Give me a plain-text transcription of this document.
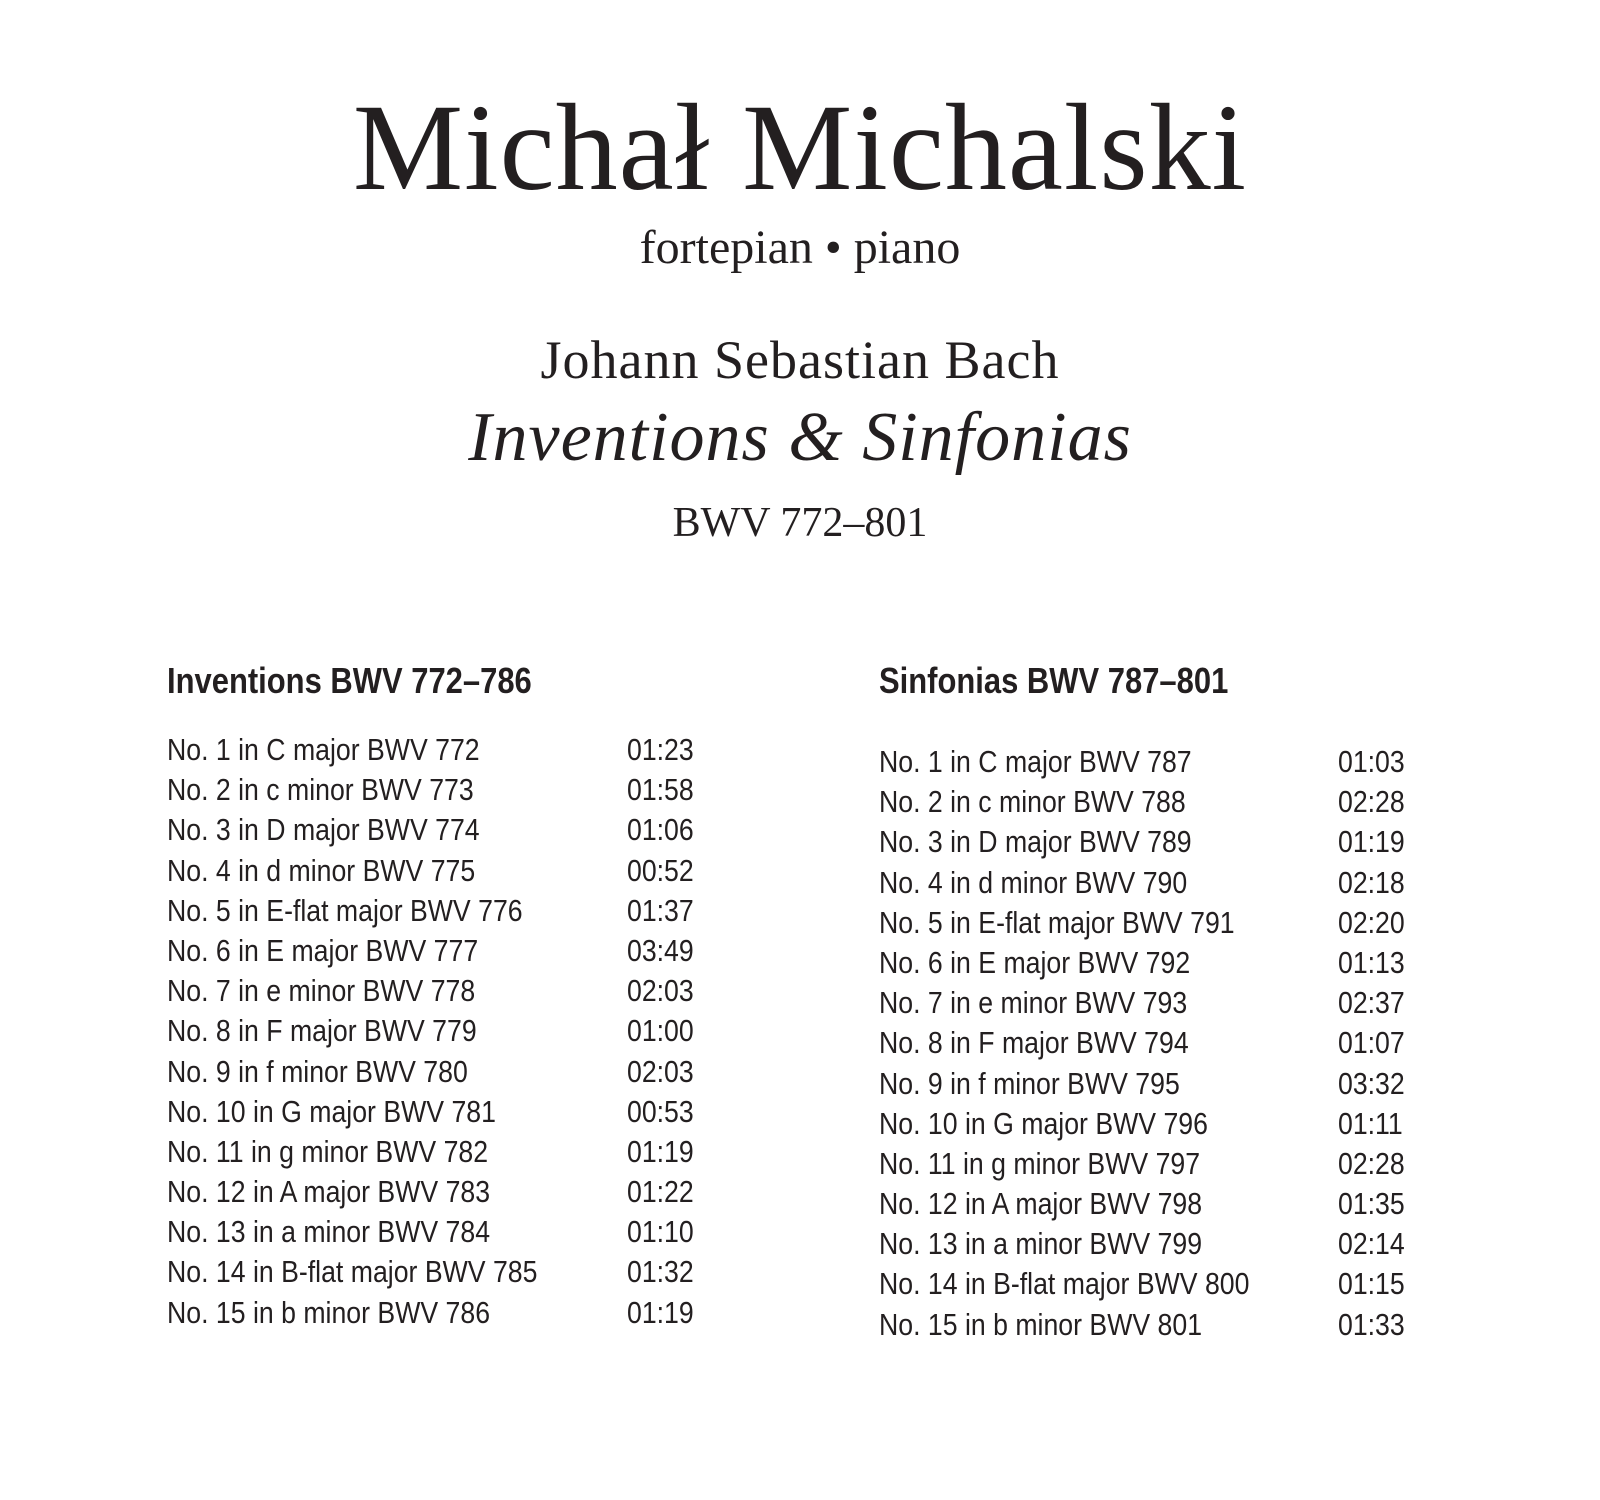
Michał Michalski
fortepian • piano
Johann Sebastian Bach
Inventions & Sinfonias
BWV 772–801
Inventions BWV 772–786
No. 1 in C major BWV 772	01:23
No. 2 in c minor BWV 773	01:58
No. 3 in D major BWV 774	01:06
No. 4 in d minor BWV 775	00:52
No. 5 in E-flat major BWV 776	01:37
No. 6 in E major BWV 777	03:49
No. 7 in e minor BWV 778	02:03
No. 8 in F major BWV 779	01:00
No. 9 in f minor BWV 780	02:03
No. 10 in G major BWV 781	00:53
No. 11 in g minor BWV 782	01:19
No. 12 in A major BWV 783	01:22
No. 13 in a minor BWV 784	01:10
No. 14 in B-flat major BWV 785	01:32
No. 15 in b minor BWV 786	01:19
Sinfonias BWV 787–801
No. 1 in C major BWV 787	01:03
No. 2 in c minor BWV 788	02:28
No. 3 in D major BWV 789	01:19
No. 4 in d minor BWV 790	02:18
No. 5 in E-flat major BWV 791	02:20
No. 6 in E major BWV 792	01:13
No. 7 in e minor BWV 793	02:37
No. 8 in F major BWV 794	01:07
No. 9 in f minor BWV 795	03:32
No. 10 in G major BWV 796	01:11
No. 11 in g minor BWV 797	02:28
No. 12 in A major BWV 798	01:35
No. 13 in a minor BWV 799	02:14
No. 14 in B-flat major BWV 800	01:15
No. 15 in b minor BWV 801	01:33
